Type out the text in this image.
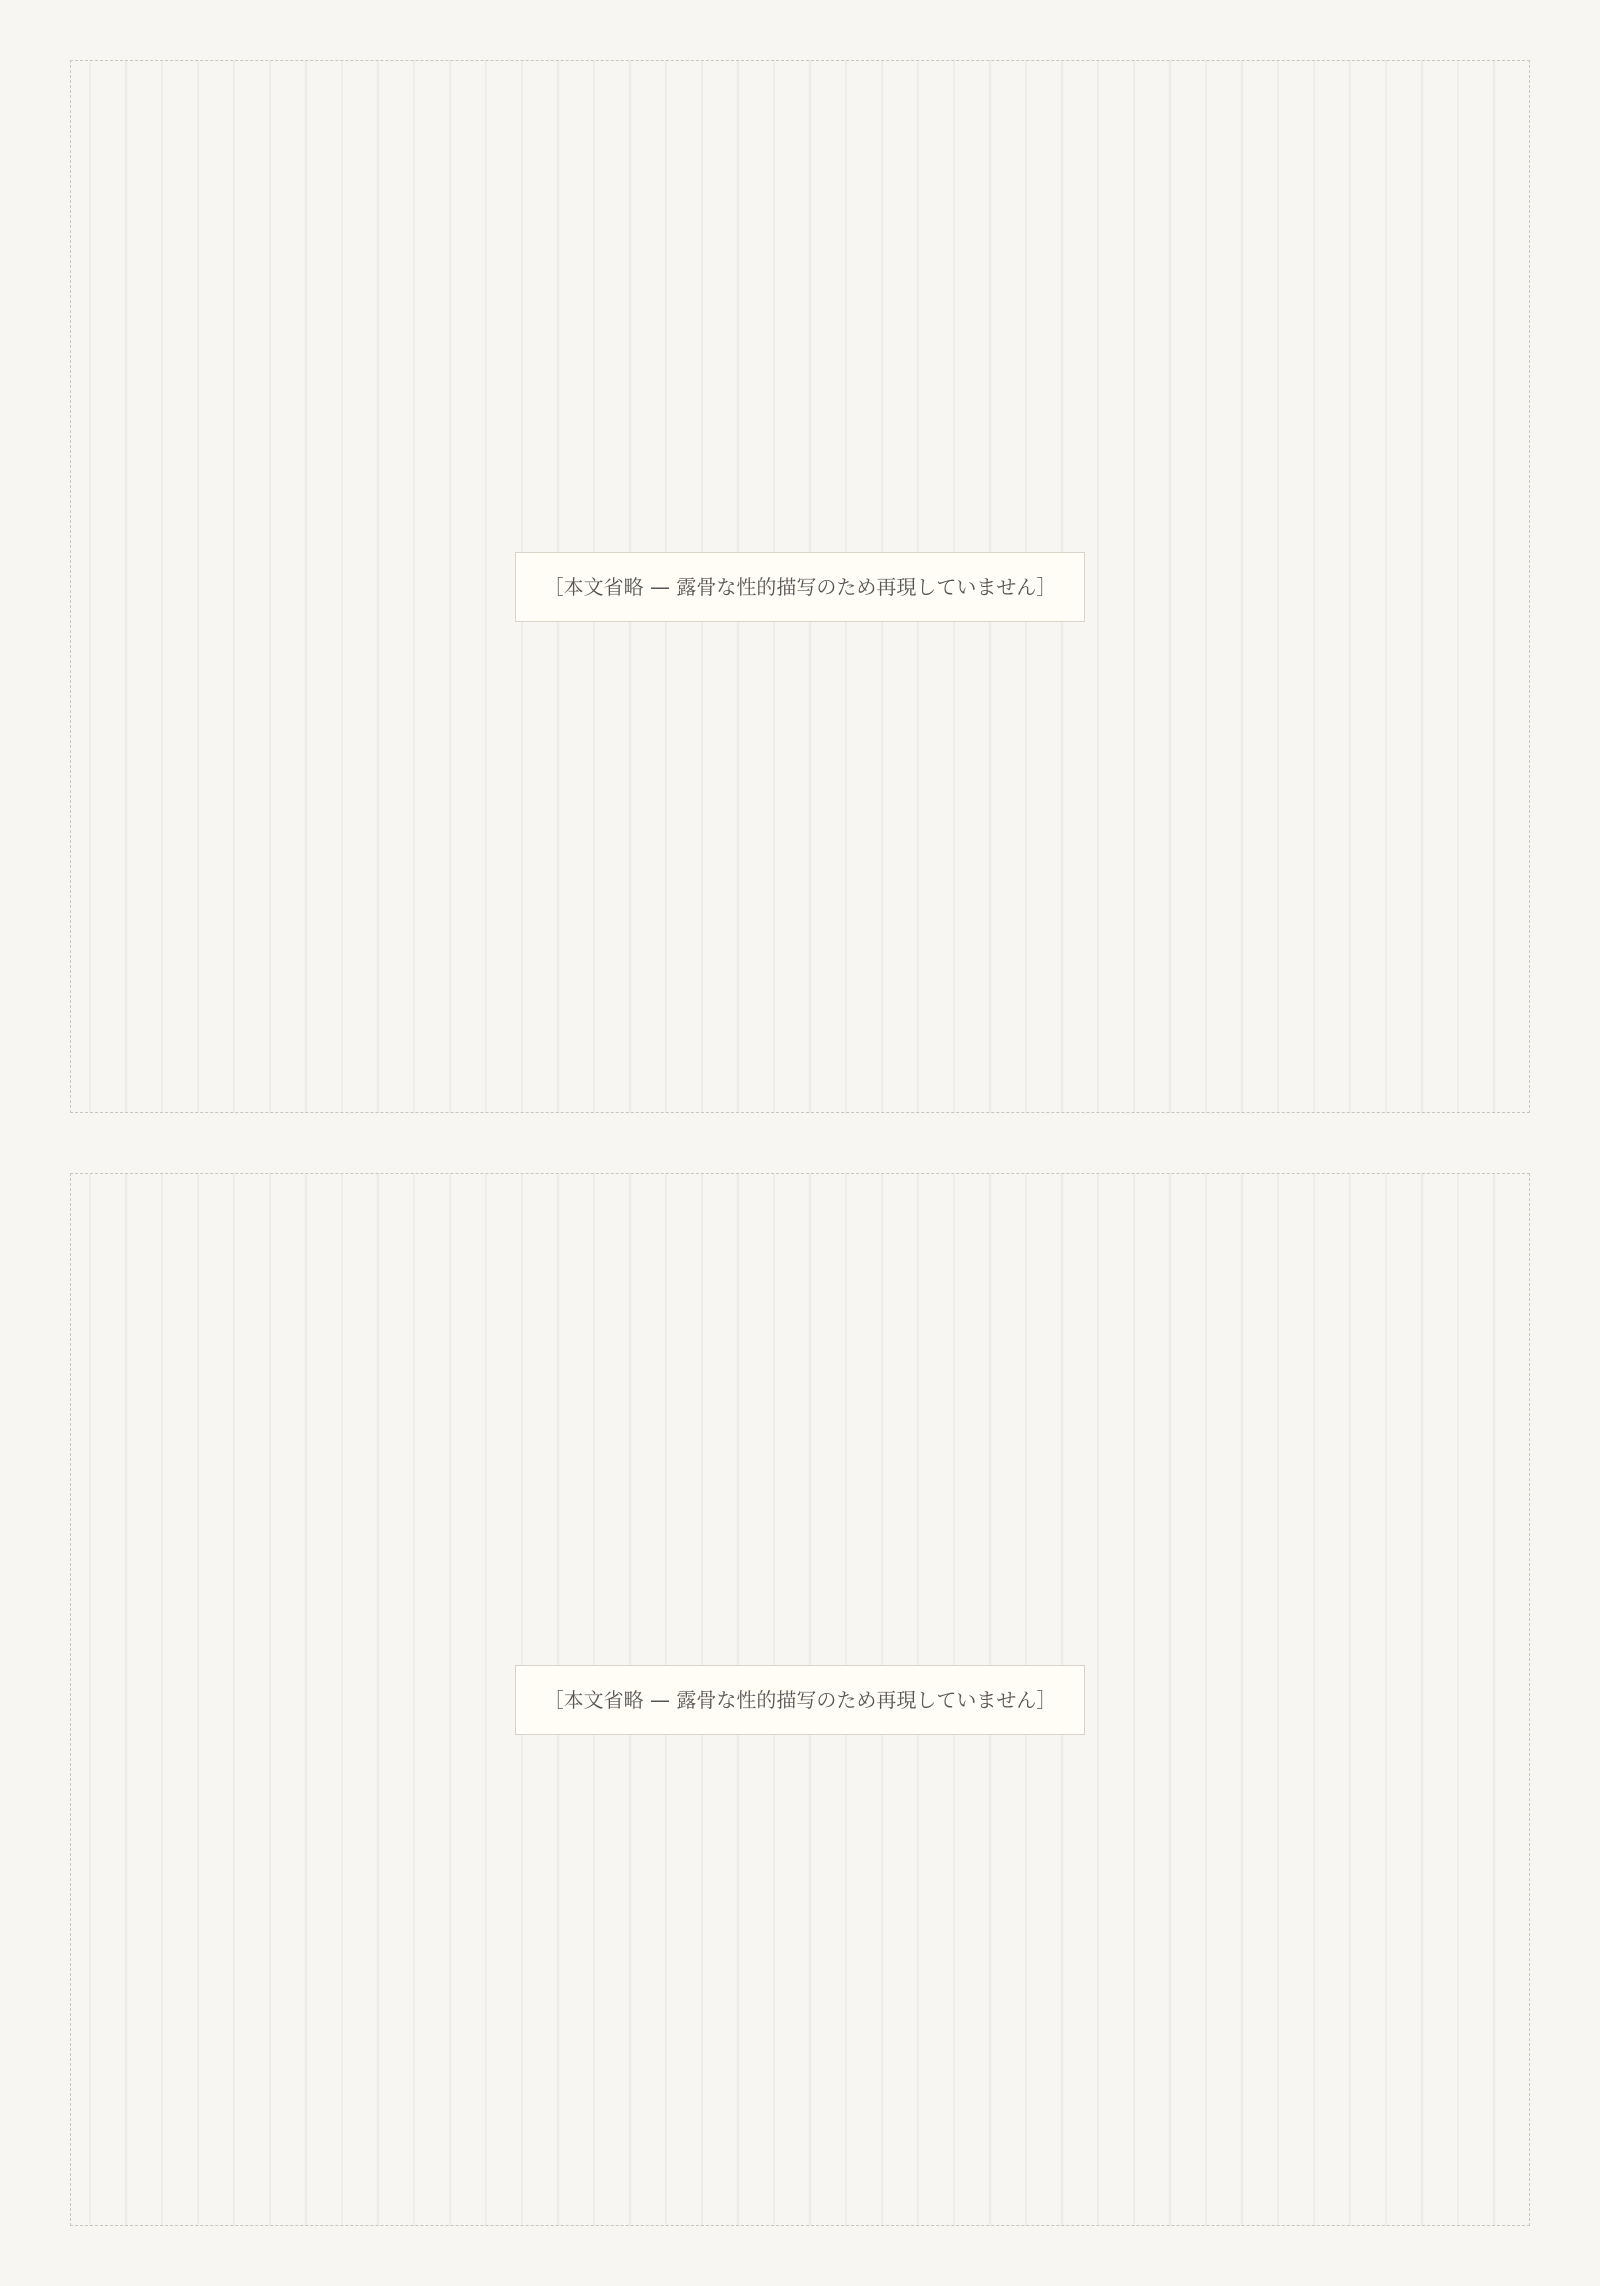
［本文省略 — 露骨な性的描写のため再現していません］
［本文省略 — 露骨な性的描写のため再現していません］
